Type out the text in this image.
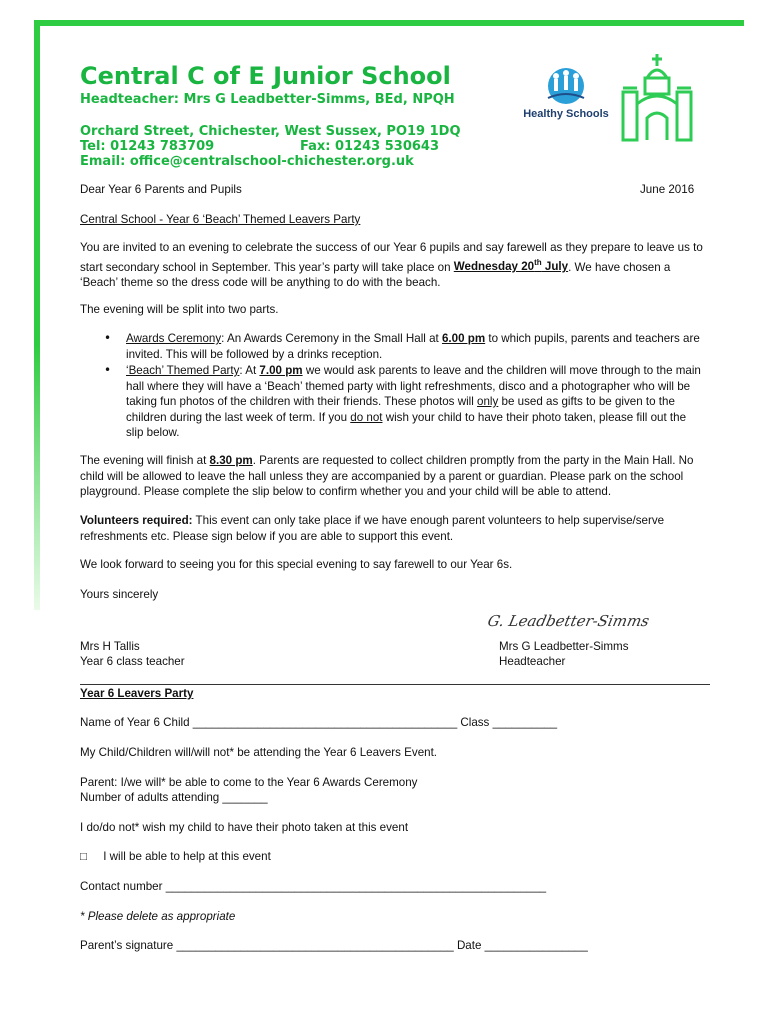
Central C of E Junior School
Headteacher: Mrs G Leadbetter-Simms, BEd, NPQH
Orchard Street, Chichester, West Sussex, PO19 1DQ
Tel: 01243 783709	Fax: 01243 530643
Email: office@centralschool-chichester.org.uk
Healthy Schools
Dear Year 6 Parents and Pupils	June 2016
Central School - Year 6 ‘Beach’ Themed Leavers Party

You are invited to an evening to celebrate the success of our Year 6 pupils and say farewell as they prepare to leave us to start secondary school in September. This year’s party will take place on Wednesday 20th July. We have chosen a ‘Beach’ theme so the dress code will be anything to do with the beach.

The evening will be split into two parts.
• Awards Ceremony: An Awards Ceremony in the Small Hall at 6.00 pm to which pupils, parents and teachers are invited. This will be followed by a drinks reception.

• ‘Beach’ Themed Party: At 7.00 pm we would ask parents to leave and the children will move through to the main hall where they will have a ‘Beach’ themed party with light refreshments, disco and a photographer who will be taking fun photos of the children with their friends. These photos will only be used as gifts to be given to the children during the last week of term. If you do not wish your child to have their photo taken, please fill out the slip below.

The evening will finish at 8.30 pm. Parents are requested to collect children promptly from the party in the Main Hall. No child will be allowed to leave the hall unless they are accompanied by a parent or guardian. Please park on the school playground. Please complete the slip below to confirm whether you and your child will be able to attend.

Volunteers required: This event can only take place if we have enough parent volunteers to help supervise/serve refreshments etc. Please sign below if you are able to support this event.

We look forward to seeing you for this special evening to say farewell to our Year 6s.
Yours sincerely
G. Leadbetter-Simms
Mrs H Tallis
Year 6 class teacher
Mrs G Leadbetter-Simms
Headteacher
Year 6 Leavers Party
Name of Year 6 Child _________________________________________ Class __________
My Child/Children will/will not* be attending the Year 6 Leavers Event.
Parent: I/we will* be able to come to the Year 6 Awards Ceremony
Number of adults attending _______
I do/do not* wish my child to have their photo taken at this event
□ I will be able to help at this event
Contact number ___________________________________________________________
* Please delete as appropriate
Parent’s signature ___________________________________________ Date ________________
